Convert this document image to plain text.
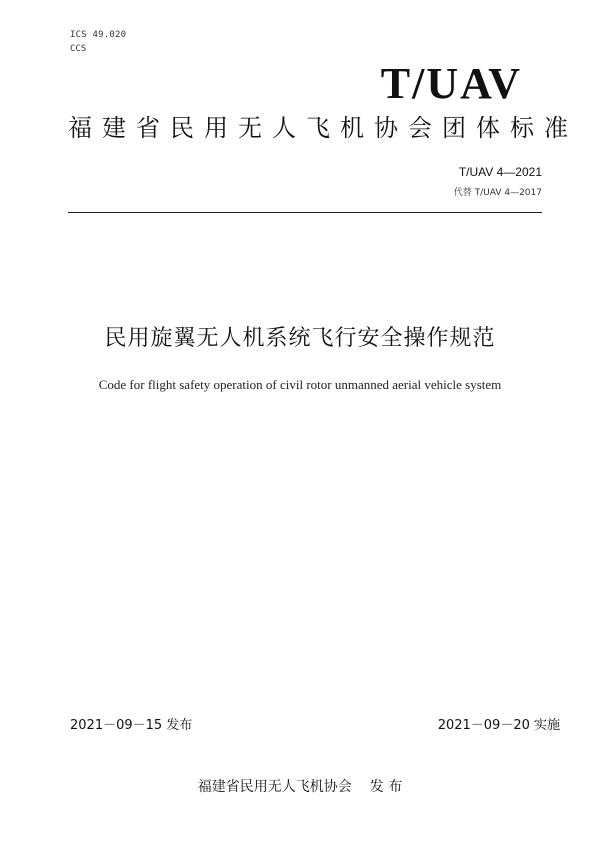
ICS 49.020
CCS
T/UAV
福建省民用无人飞机协会团体标准
T/UAV 4—2021
代替 T/UAV 4—2017
民用旋翼无人机系统飞行安全操作规范
Code for flight safety operation of civil rotor unmanned aerial vehicle system
2021－09－15 发布	2021－09－20 实施
福建省民用无人飞机协会 发 布
